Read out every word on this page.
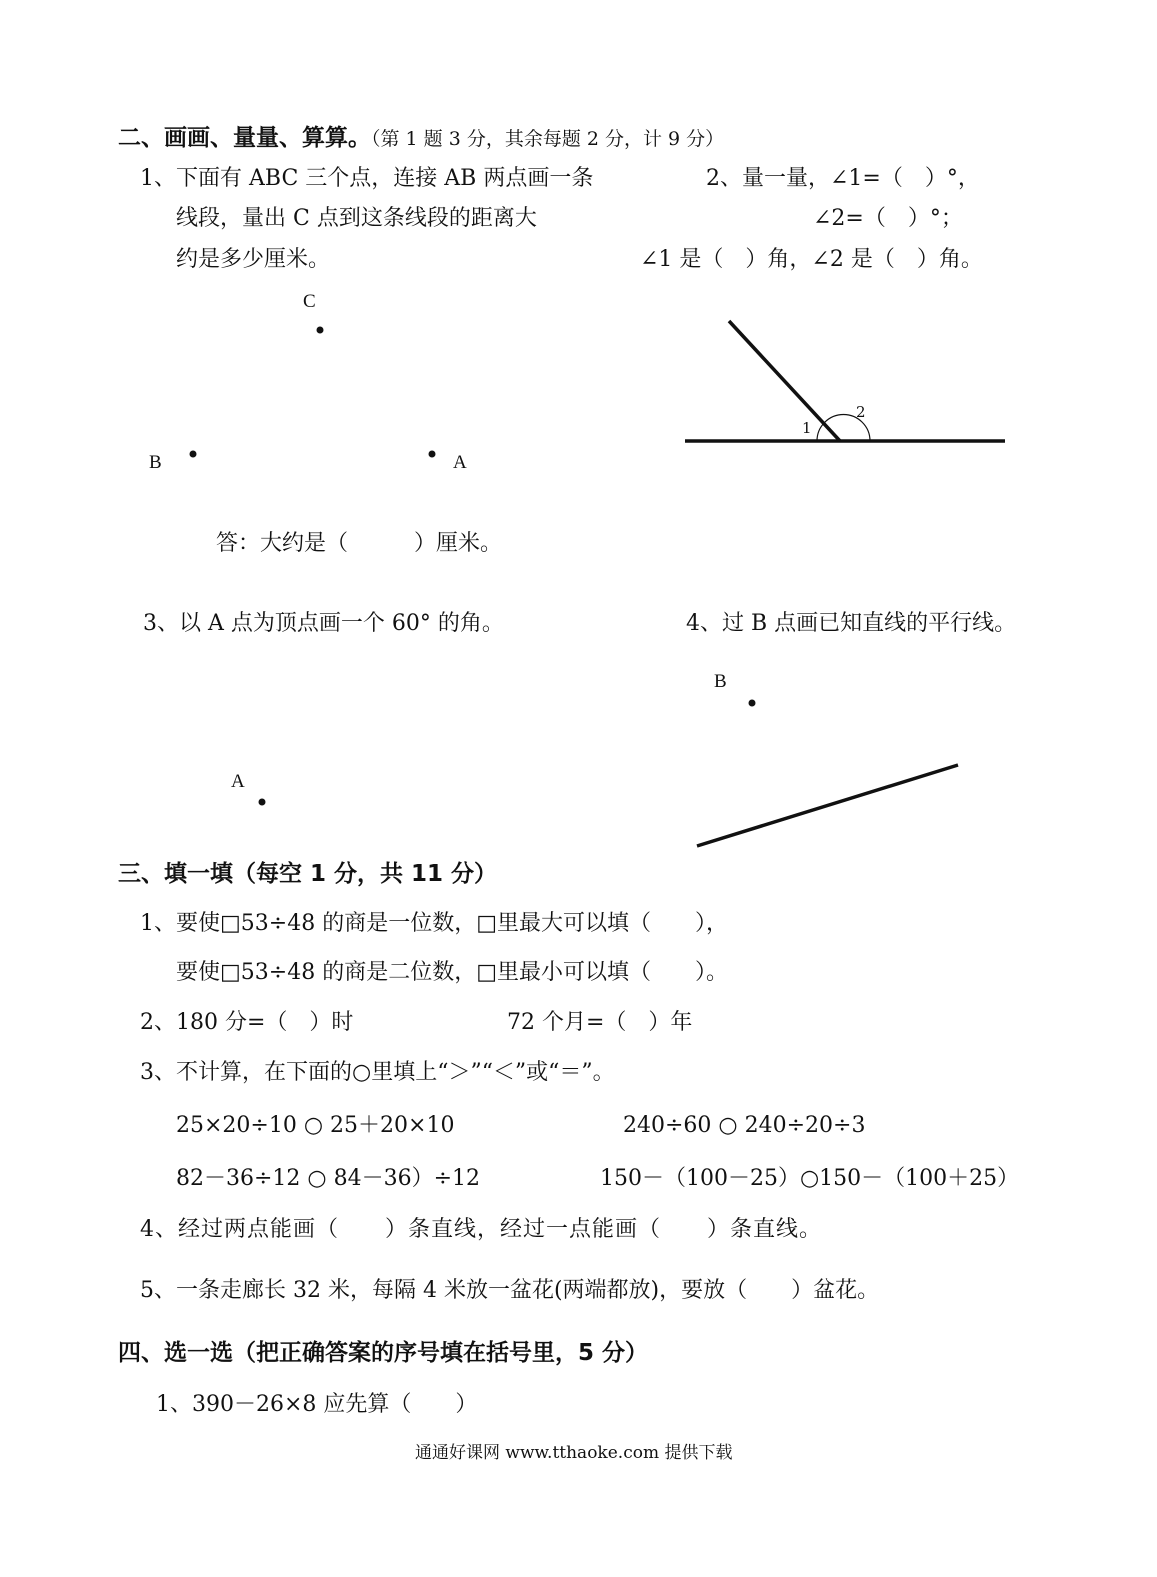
二、画画、量量、算算。（第 1 题 3 分，其余每题 2 分，计 9 分）
1、下面有 ABC 三个点，连接 AB 两点画一条
线段，量出 C 点到这条线段的距离大
约是多少厘米。
2、量一量，∠1=（　）°，
∠2=（　）°；
∠1 是（　）角，∠2 是（　）角。
C
B	A
1
2
答：大约是（　　　）厘米。
3、以 A 点为顶点画一个 60° 的角。	4、过 B 点画已知直线的平行线。
B
A
三、填一填（每空 1 分，共 11 分）
1、要使□53÷48 的商是一位数，□里最大可以填（　　），
要使□53÷48 的商是二位数，□里最小可以填（　　）。
2、180 分=（　）时	72 个月=（　）年
3、不计算，在下面的○里填上“＞”“＜”或“＝”。
25×20÷10 ○ 25＋20×10	240÷60 ○ 240÷20÷3
82－36÷12 ○ 84－36）÷12	150－（100－25）○150－（100＋25）
4、经过两点能画（　　）条直线，经过一点能画（　　）条直线。
5、一条走廊长 32 米，每隔 4 米放一盆花(两端都放)，要放（　　）盆花。
四、选一选（把正确答案的序号填在括号里，5 分）
1、390－26×8 应先算（　　）
通通好课网 www.tthaoke.com 提供下载
